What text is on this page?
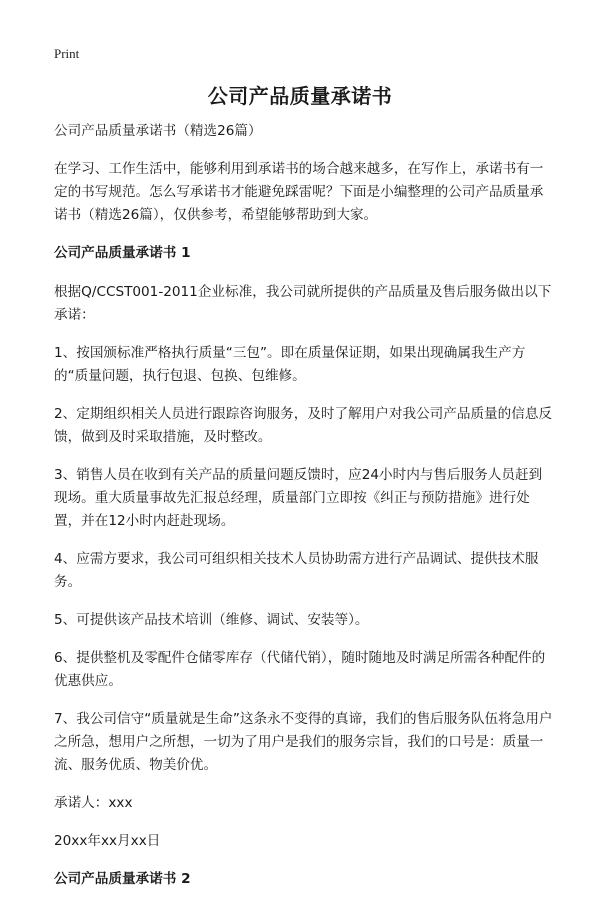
Print
公司产品质量承诺书

公司产品质量承诺书（精选26篇）

在学习、工作生活中，能够利用到承诺书的场合越来越多，在写作上，承诺书有一定的书写规范。怎么写承诺书才能避免踩雷呢？下面是小编整理的公司产品质量承诺书（精选26篇），仅供参考，希望能够帮助到大家。

公司产品质量承诺书 1

根据Q/CCST001-2011企业标准，我公司就所提供的产品质量及售后服务做出以下承诺：

1、按国颁标准严格执行质量“三包”。即在质量保证期，如果出现确属我生产方的“质量问题，执行包退、包换、包维修。

2、定期组织相关人员进行跟踪咨询服务，及时了解用户对我公司产品质量的信息反馈，做到及时采取措施，及时整改。

3、销售人员在收到有关产品的质量问题反馈时，应24小时内与售后服务人员赶到现场。重大质量事故先汇报总经理，质量部门立即按《纠正与预防措施》进行处置，并在12小时内赶赴现场。

4、应需方要求，我公司可组织相关技术人员协助需方进行产品调试、提供技术服务。

5、可提供该产品技术培训（维修、调试、安装等）。

6、提供整机及零配件仓储零库存（代储代销），随时随地及时满足所需各种配件的优惠供应。

7、我公司信守“质量就是生命”这条永不变得的真谛，我们的售后服务队伍将急用户之所急，想用户之所想，一切为了用户是我们的服务宗旨，我们的口号是：质量一流、服务优质、物美价优。

承诺人：xxx

20xx年xx月xx日

公司产品质量承诺书 2
